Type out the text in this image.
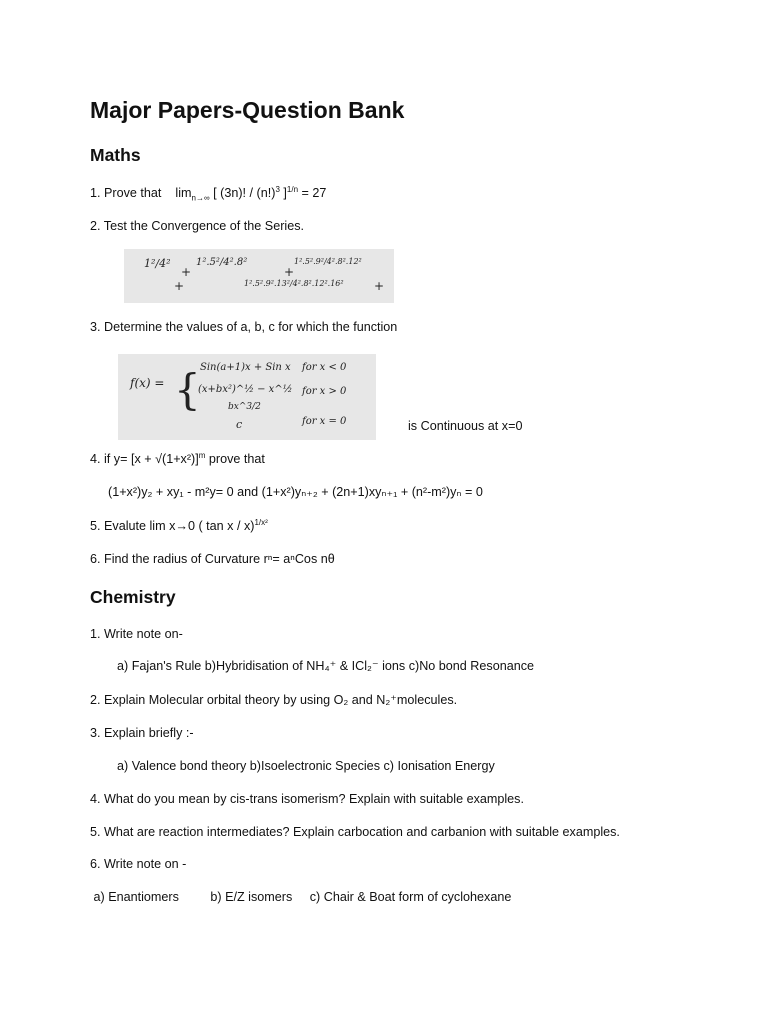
Major Papers-Question Bank
Maths
1. Prove that $\lim_{n\to\infty}$ [ (3n)! / $(n!)^3$ ]$^{1/n}$ = 27
2. Test the Convergence of the Series.
1²/4²
+
1².5²/4².8²
+
1².5².9²/4².8².12²
1².5².9².13²/4².8².12².16²	+
+
3. Determine the values of a, b, c for which the function
f(x) = { Sin(a+1)x + Sin x for x < 0
(x+bx²)^½ − x^½ for x > 0
bx^3/2
c	for x = 0	is Continuous at x=0
4. if $y= [x + √(1+x^2)]^m$ prove that
(1+x²)y₂ + xy₁ - m²y= 0 and (1+x²)yₙ₊₂ + (2n+1)xyₙ₊₁ + (n²-m²)yₙ = 0
5. Evalute lim x→0 ( tan x / x)$^{1/x^2}$
6. Find the radius of Curvature rⁿ= aⁿCos nθ
Chemistry
1. Write note on-
a) Fajan's Rule b)Hybridisation of NH₄⁺ & ICl₂⁻ ions c)No bond Resonance
2. Explain Molecular orbital theory by using O₂ and N₂⁺molecules.
3. Explain briefly :-
a) Valence bond theory b)Isoelectronic Species c) Ionisation Energy
4. What do you mean by cis-trans isomerism? Explain with suitable examples.
5. What are reaction intermediates? Explain carbocation and carbanion with suitable examples.
6. Write note on -
a) Enantiomers         b) E/Z isomers     c) Chair & Boat form of cyclohexane
